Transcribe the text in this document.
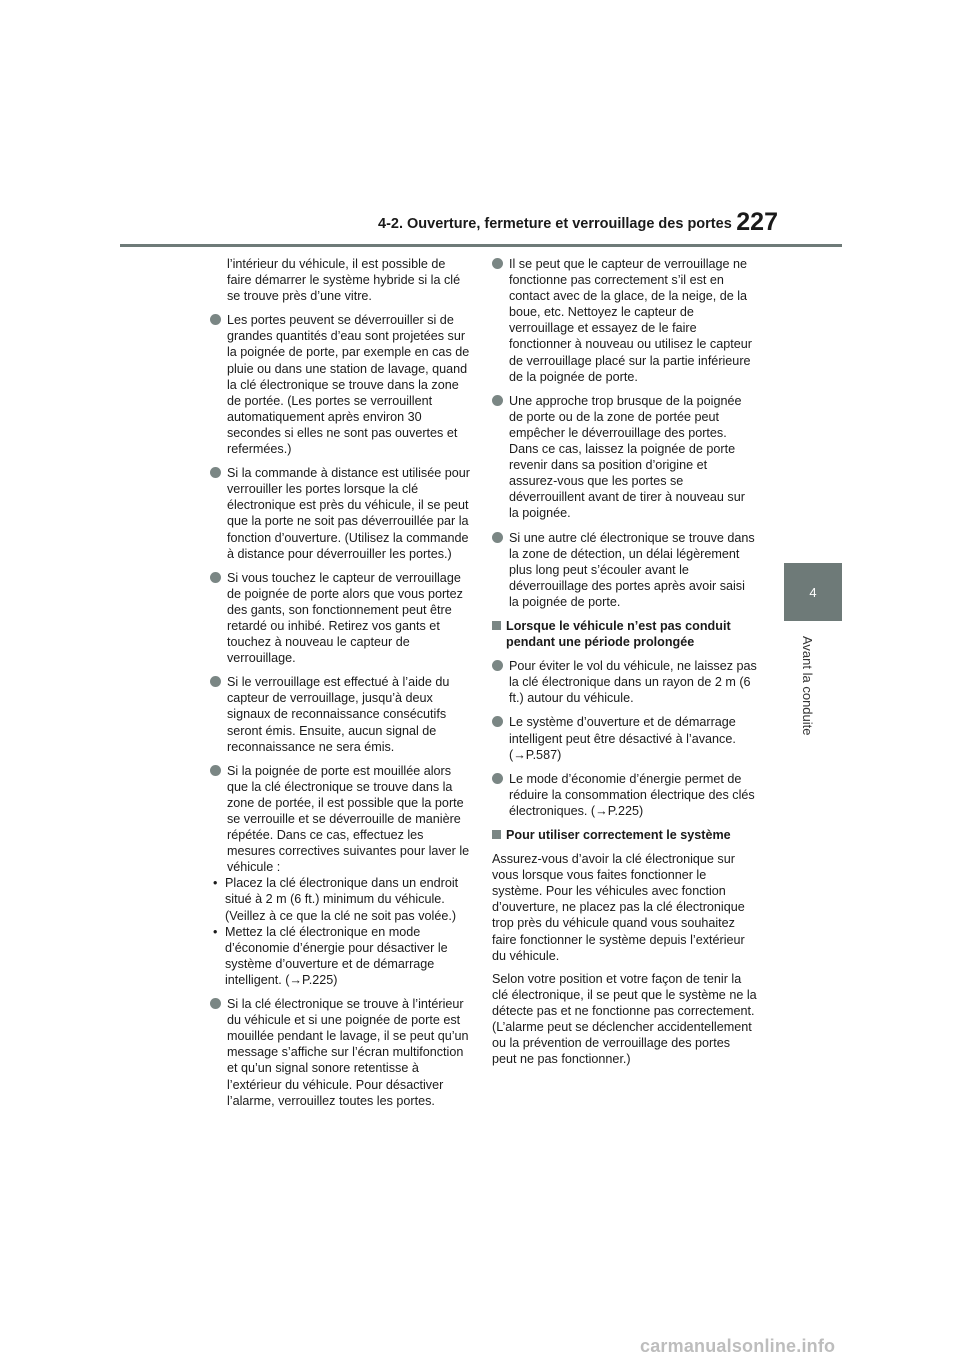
4-2. Ouverture, fermeture et verrouillage des portes 227
4
Avant la conduite

l’intérieur du véhicule, il est possible de faire démarrer le système hybride si la clé se trouve près d’une vitre.

Les portes peuvent se déverrouiller si de grandes quantités d’eau sont projetées sur la poignée de porte, par exemple en cas de pluie ou dans une station de lavage, quand la clé électronique se trouve dans la zone de portée. (Les portes se verrouillent automatiquement après environ 30 secondes si elles ne sont pas ouvertes et refermées.)

Si la commande à distance est utilisée pour verrouiller les portes lorsque la clé électronique est près du véhicule, il se peut que la porte ne soit pas déverrouillée par la fonction d’ouverture. (Utilisez la commande à distance pour déverrouiller les portes.)

Si vous touchez le capteur de verrouillage de poignée de porte alors que vous portez des gants, son fonctionnement peut être retardé ou inhibé. Retirez vos gants et touchez à nouveau le capteur de verrouillage.

Si le verrouillage est effectué à l’aide du capteur de verrouillage, jusqu’à deux signaux de reconnaissance consécutifs seront émis. Ensuite, aucun signal de reconnaissance ne sera émis.

Si la poignée de porte est mouillée alors que la clé électronique se trouve dans la zone de portée, il est possible que la porte se verrouille et se déverrouille de manière répétée. Dans ce cas, effectuez les mesures correctives suivantes pour laver le véhicule :

• Placez la clé électronique dans un endroit situé à 2 m (6 ft.) minimum du véhicule. (Veillez à ce que la clé ne soit pas volée.)

• Mettez la clé électronique en mode d’économie d’énergie pour désactiver le système d’ouverture et de démarrage intelligent. (→P.225)

Si la clé électronique se trouve à l’intérieur du véhicule et si une poignée de porte est mouillée pendant le lavage, il se peut qu’un message s’affiche sur l’écran multifonction et qu’un signal sonore retentisse à l’extérieur du véhicule. Pour désactiver l’alarme, verrouillez toutes les portes.

Il se peut que le capteur de verrouillage ne fonctionne pas correctement s’il est en contact avec de la glace, de la neige, de la boue, etc. Nettoyez le capteur de verrouillage et essayez de le faire fonctionner à nouveau ou utilisez le capteur de verrouillage placé sur la partie inférieure de la poignée de porte.

Une approche trop brusque de la poignée de porte ou de la zone de portée peut empêcher le déverrouillage des portes. Dans ce cas, laissez la poignée de porte revenir dans sa position d’origine et assurez-vous que les portes se déverrouillent avant de tirer à nouveau sur la poignée.

Si une autre clé électronique se trouve dans la zone de détection, un délai légèrement plus long peut s’écouler avant le déverrouillage des portes après avoir saisi la poignée de porte.

Lorsque le véhicule n’est pas conduit pendant une période prolongée

Pour éviter le vol du véhicule, ne laissez pas la clé électronique dans un rayon de 2 m (6 ft.) autour du véhicule.

Le système d’ouverture et de démarrage intelligent peut être désactivé à l’avance. (→P.587)

Le mode d’économie d’énergie permet de réduire la consommation électrique des clés électroniques. (→P.225)

Pour utiliser correctement le système

Assurez-vous d’avoir la clé électronique sur vous lorsque vous faites fonctionner le système. Pour les véhicules avec fonction d’ouverture, ne placez pas la clé électronique trop près du véhicule quand vous souhaitez faire fonctionner le système depuis l’extérieur du véhicule.

Selon votre position et votre façon de tenir la clé électronique, il se peut que le système ne la détecte pas et ne fonctionne pas correctement. (L’alarme peut se déclencher accidentellement ou la prévention de verrouillage des portes peut ne pas fonctionner.)

carmanualsonline.info
